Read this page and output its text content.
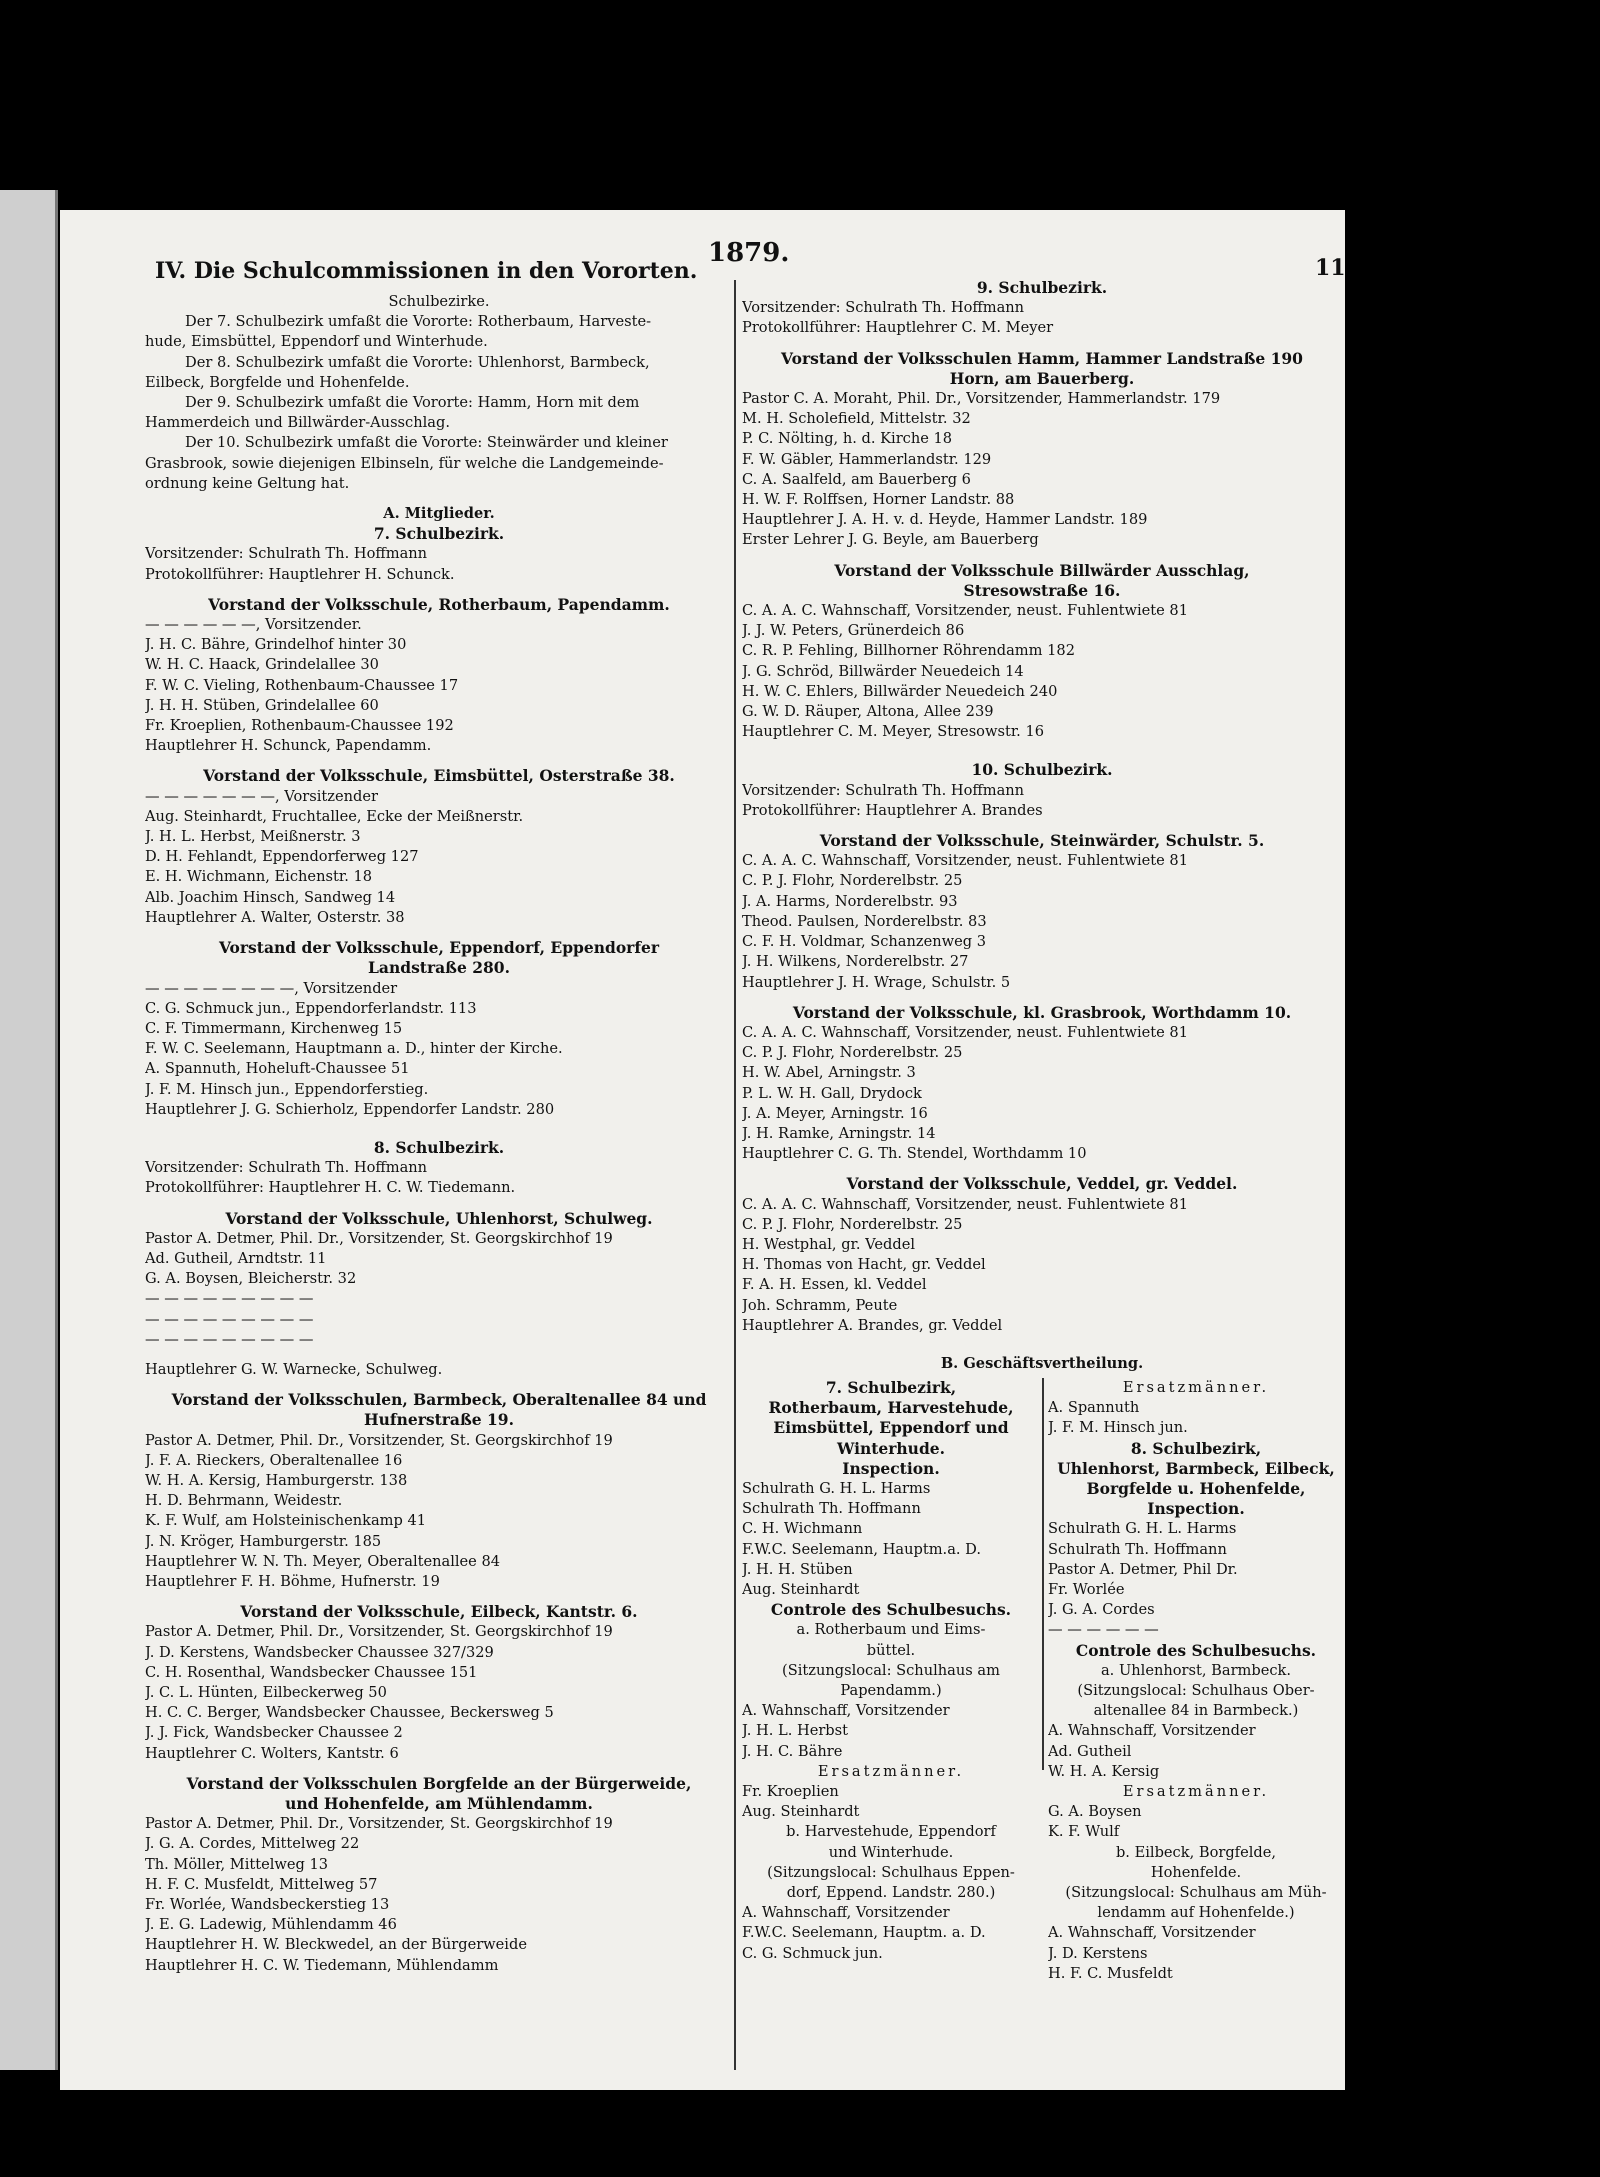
1879.	11
IV. Die Schulcommissionen in den Vororten.
Schulbezirke.
Der 7. Schulbezirk umfaßt die Vororte: Rotherbaum, Harveste-
hude, Eimsbüttel, Eppendorf und Winterhude.
Der 8. Schulbezirk umfaßt die Vororte: Uhlenhorst, Barmbeck,
Eilbeck, Borgfelde und Hohenfelde.
Der 9. Schulbezirk umfaßt die Vororte: Hamm, Horn mit dem
Hammerdeich und Billwärder-Ausschlag.
Der 10. Schulbezirk umfaßt die Vororte: Steinwärder und kleiner
Grasbrook, sowie diejenigen Elbinseln, für welche die Landgemeinde-
ordnung keine Geltung hat.
A. Mitglieder.
7. Schulbezirk.
Vorsitzender: Schulrath Th. Hoffmann
Protokollführer: Hauptlehrer H. Schunck.
Vorstand der Volksschule, Rotherbaum, Papendamm.
— — — — — —, Vorsitzender.
J. H. C. Bähre, Grindelhof hinter 30
W. H. C. Haack, Grindelallee 30
F. W. C. Vieling, Rothenbaum-Chaussee 17
J. H. H. Stüben, Grindelallee 60
Fr. Kroeplien, Rothenbaum-Chaussee 192
Hauptlehrer H. Schunck, Papendamm.
Vorstand der Volksschule, Eimsbüttel, Osterstraße 38.
— — — — — — —, Vorsitzender
Aug. Steinhardt, Fruchtallee, Ecke der Meißnerstr.
J. H. L. Herbst, Meißnerstr. 3
D. H. Fehlandt, Eppendorferweg 127
E. H. Wichmann, Eichenstr. 18
Alb. Joachim Hinsch, Sandweg 14
Hauptlehrer A. Walter, Osterstr. 38
Vorstand der Volksschule, Eppendorf, Eppendorfer
Landstraße 280.
— — — — — — — —, Vorsitzender
C. G. Schmuck jun., Eppendorferlandstr. 113
C. F. Timmermann, Kirchenweg 15
F. W. C. Seelemann, Hauptmann a. D., hinter der Kirche.
A. Spannuth, Hoheluft-Chaussee 51
J. F. M. Hinsch jun., Eppendorferstieg.
Hauptlehrer J. G. Schierholz, Eppendorfer Landstr. 280
8. Schulbezirk.
Vorsitzender: Schulrath Th. Hoffmann
Protokollführer: Hauptlehrer H. C. W. Tiedemann.
Vorstand der Volksschule, Uhlenhorst, Schulweg.
Pastor A. Detmer, Phil. Dr., Vorsitzender, St. Georgskirchhof 19
Ad. Gutheil, Arndtstr. 11
G. A. Boysen, Bleicherstr. 32
— — — — — — — — —
— — — — — — — — —
— — — — — — — — —
Hauptlehrer G. W. Warnecke, Schulweg.
Vorstand der Volksschulen, Barmbeck, Oberaltenallee 84 und
Hufnerstraße 19.
Pastor A. Detmer, Phil. Dr., Vorsitzender, St. Georgskirchhof 19
J. F. A. Rieckers, Oberaltenallee 16
W. H. A. Kersig, Hamburgerstr. 138
H. D. Behrmann, Weidestr.
K. F. Wulf, am Holsteinischenkamp 41
J. N. Kröger, Hamburgerstr. 185
Hauptlehrer W. N. Th. Meyer, Oberaltenallee 84
Hauptlehrer F. H. Böhme, Hufnerstr. 19
Vorstand der Volksschule, Eilbeck, Kantstr. 6.
Pastor A. Detmer, Phil. Dr., Vorsitzender, St. Georgskirchhof 19
J. D. Kerstens, Wandsbecker Chaussee 327/329
C. H. Rosenthal, Wandsbecker Chaussee 151
J. C. L. Hünten, Eilbeckerweg 50
H. C. C. Berger, Wandsbecker Chaussee, Beckersweg 5
J. J. Fick, Wandsbecker Chaussee 2
Hauptlehrer C. Wolters, Kantstr. 6
Vorstand der Volksschulen Borgfelde an der Bürgerweide,
und Hohenfelde, am Mühlendamm.
Pastor A. Detmer, Phil. Dr., Vorsitzender, St. Georgskirchhof 19
J. G. A. Cordes, Mittelweg 22
Th. Möller, Mittelweg 13
H. F. C. Musfeldt, Mittelweg 57
Fr. Worlée, Wandsbeckerstieg 13
J. E. G. Ladewig, Mühlendamm 46
Hauptlehrer H. W. Bleckwedel, an der Bürgerweide
Hauptlehrer H. C. W. Tiedemann, Mühlendamm
9. Schulbezirk.
Vorsitzender: Schulrath Th. Hoffmann
Protokollführer: Hauptlehrer C. M. Meyer
Vorstand der Volksschulen Hamm, Hammer Landstraße 190
Horn, am Bauerberg.
Pastor C. A. Moraht, Phil. Dr., Vorsitzender, Hammerlandstr. 179
M. H. Scholefield, Mittelstr. 32
P. C. Nölting, h. d. Kirche 18
F. W. Gäbler, Hammerlandstr. 129
C. A. Saalfeld, am Bauerberg 6
H. W. F. Rolffsen, Horner Landstr. 88
Hauptlehrer J. A. H. v. d. Heyde, Hammer Landstr. 189
Erster Lehrer J. G. Beyle, am Bauerberg
Vorstand der Volksschule Billwärder Ausschlag,
Stresowstraße 16.
C. A. A. C. Wahnschaff, Vorsitzender, neust. Fuhlentwiete 81
J. J. W. Peters, Grünerdeich 86
C. R. P. Fehling, Billhorner Röhrendamm 182
J. G. Schröd, Billwärder Neuedeich 14
H. W. C. Ehlers, Billwärder Neuedeich 240
G. W. D. Räuper, Altona, Allee 239
Hauptlehrer C. M. Meyer, Stresowstr. 16
10. Schulbezirk.
Vorsitzender: Schulrath Th. Hoffmann
Protokollführer: Hauptlehrer A. Brandes
Vorstand der Volksschule, Steinwärder, Schulstr. 5.
C. A. A. C. Wahnschaff, Vorsitzender, neust. Fuhlentwiete 81
C. P. J. Flohr, Norderelbstr. 25
J. A. Harms, Norderelbstr. 93
Theod. Paulsen, Norderelbstr. 83
C. F. H. Voldmar, Schanzenweg 3
J. H. Wilkens, Norderelbstr. 27
Hauptlehrer J. H. Wrage, Schulstr. 5
Vorstand der Volksschule, kl. Grasbrook, Worthdamm 10.
C. A. A. C. Wahnschaff, Vorsitzender, neust. Fuhlentwiete 81
C. P. J. Flohr, Norderelbstr. 25
H. W. Abel, Arningstr. 3
P. L. W. H. Gall, Drydock
J. A. Meyer, Arningstr. 16
J. H. Ramke, Arningstr. 14
Hauptlehrer C. G. Th. Stendel, Worthdamm 10
Vorstand der Volksschule, Veddel, gr. Veddel.
C. A. A. C. Wahnschaff, Vorsitzender, neust. Fuhlentwiete 81
C. P. J. Flohr, Norderelbstr. 25
H. Westphal, gr. Veddel
H. Thomas von Hacht, gr. Veddel
F. A. H. Essen, kl. Veddel
Joh. Schramm, Peute
Hauptlehrer A. Brandes, gr. Veddel
B. Geschäftsvertheilung.
7. Schulbezirk,
Rotherbaum, Harvestehude,
Eimsbüttel, Eppendorf und
Winterhude.
Inspection.
Schulrath G. H. L. Harms
Schulrath Th. Hoffmann
C. H. Wichmann
F.W.C. Seelemann, Hauptm.a. D.
J. H. H. Stüben
Aug. Steinhardt
Controle des Schulbesuchs.
a. Rotherbaum und Eims-
büttel.
(Sitzungslocal: Schulhaus am
Papendamm.)
A. Wahnschaff, Vorsitzender
J. H. L. Herbst
J. H. C. Bähre
Ersatzmänner.
Fr. Kroeplien
Aug. Steinhardt
b. Harvestehude, Eppendorf
und Winterhude.
(Sitzungslocal: Schulhaus Eppen-
dorf, Eppend. Landstr. 280.)
A. Wahnschaff, Vorsitzender
F.W.C. Seelemann, Hauptm. a. D.
C. G. Schmuck jun.
Ersatzmänner.
A. Spannuth
J. F. M. Hinsch jun.
8. Schulbezirk,
Uhlenhorst, Barmbeck, Eilbeck,
Borgfelde u. Hohenfelde,
Inspection.
Schulrath G. H. L. Harms
Schulrath Th. Hoffmann
Pastor A. Detmer, Phil Dr.
Fr. Worlée
J. G. A. Cordes
— — — — — —
Controle des Schulbesuchs.
a. Uhlenhorst, Barmbeck.
(Sitzungslocal: Schulhaus Ober-
altenallee 84 in Barmbeck.)
A. Wahnschaff, Vorsitzender
Ad. Gutheil
W. H. A. Kersig
Ersatzmänner.
G. A. Boysen
K. F. Wulf
b. Eilbeck, Borgfelde,
Hohenfelde.
(Sitzungslocal: Schulhaus am Müh-
lendamm auf Hohenfelde.)
A. Wahnschaff, Vorsitzender
J. D. Kerstens
H. F. C. Musfeldt
